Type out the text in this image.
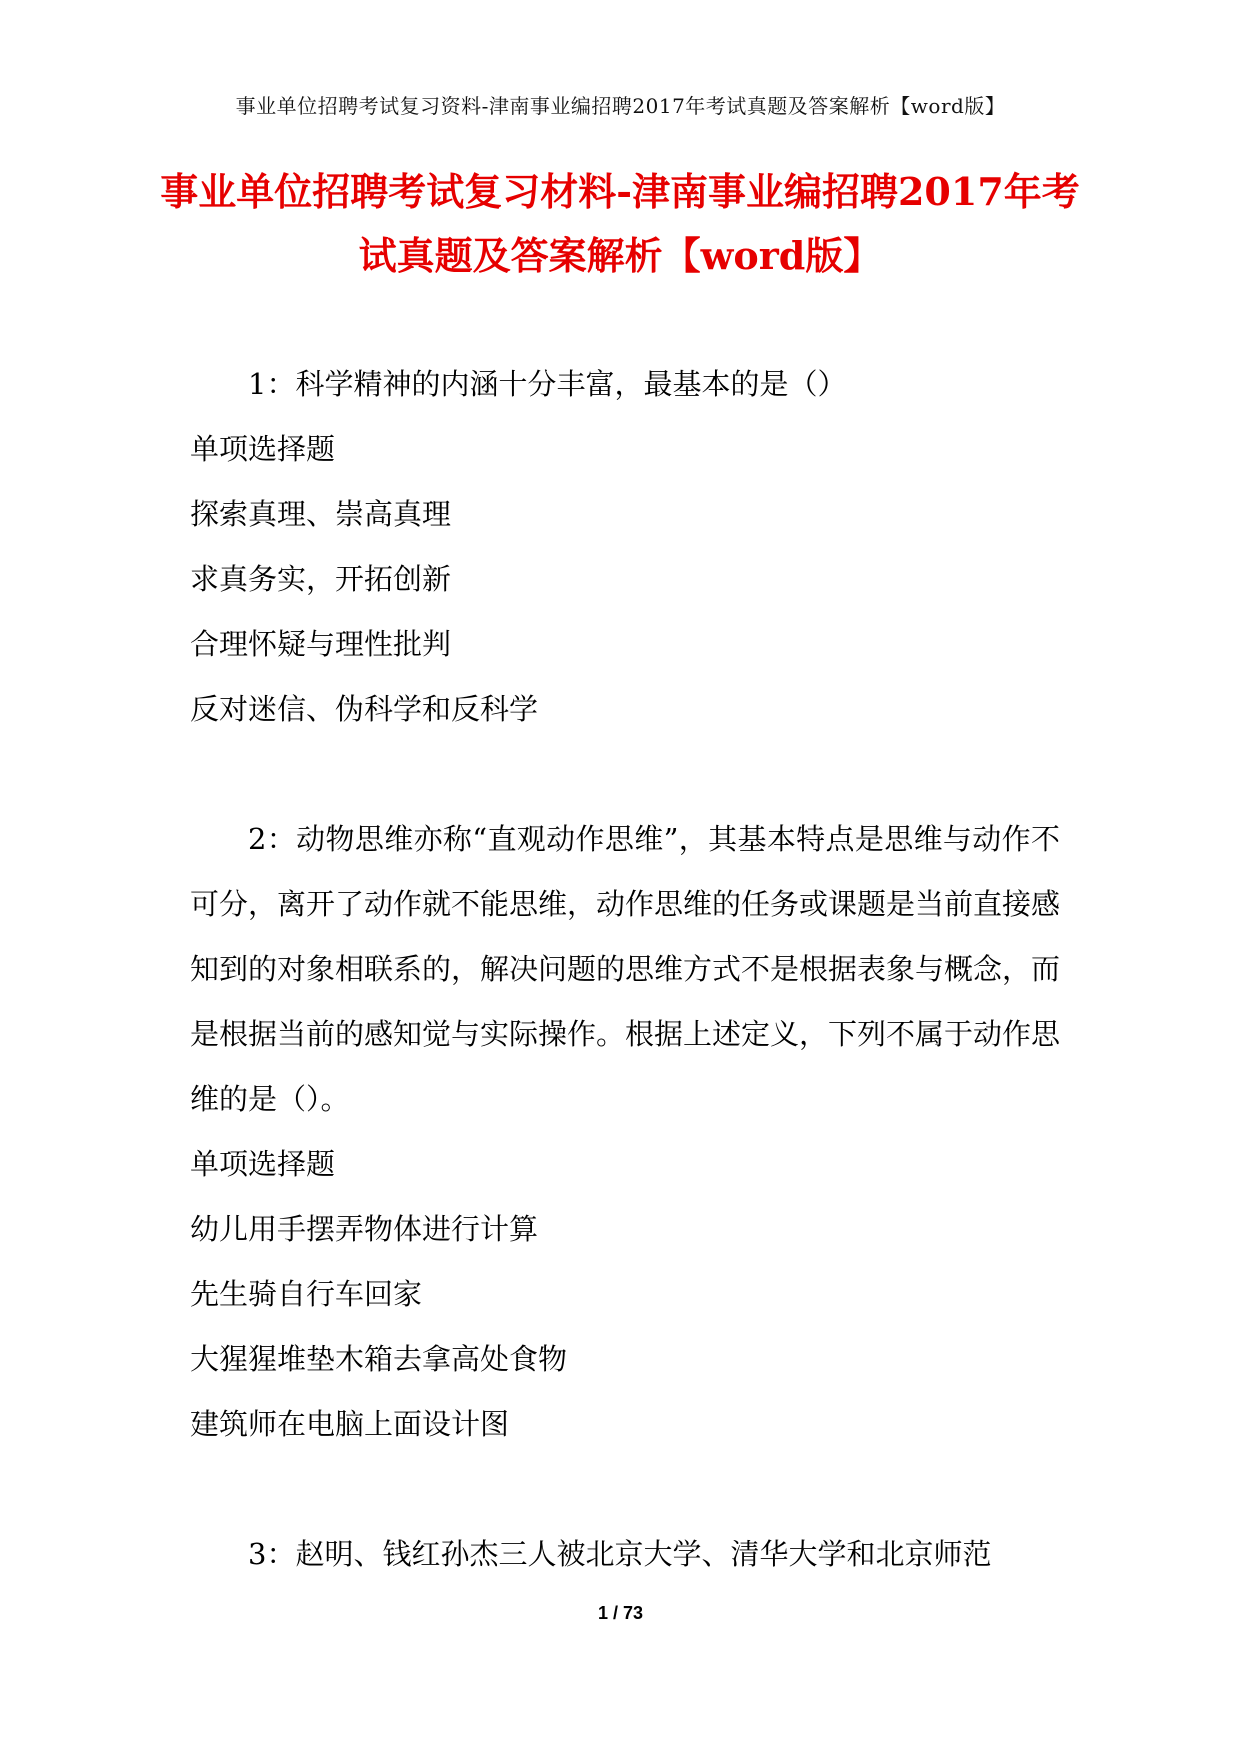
事业单位招聘考试复习资料-津南事业编招聘2017年考试真题及答案解析【word版】
事业单位招聘考试复习材料-津南事业编招聘2017年考试真题及答案解析【word版】

1：科学精神的内涵十分丰富，最基本的是（）

单项选择题

探索真理、崇高真理

求真务实，开拓创新

合理怀疑与理性批判

反对迷信、伪科学和反科学

2：动物思维亦称“直观动作思维”，其基本特点是思维与动作不可分，离开了动作就不能思维，动作思维的任务或课题是当前直接感知到的对象相联系的，解决问题的思维方式不是根据表象与概念，而是根据当前的感知觉与实际操作。根据上述定义，下列不属于动作思维的是（）。

单项选择题

幼儿用手摆弄物体进行计算

先生骑自行车回家

大猩猩堆垫木箱去拿高处食物

建筑师在电脑上面设计图

3：赵明、钱红孙杰三人被北京大学、清华大学和北京师范

1 / 73
